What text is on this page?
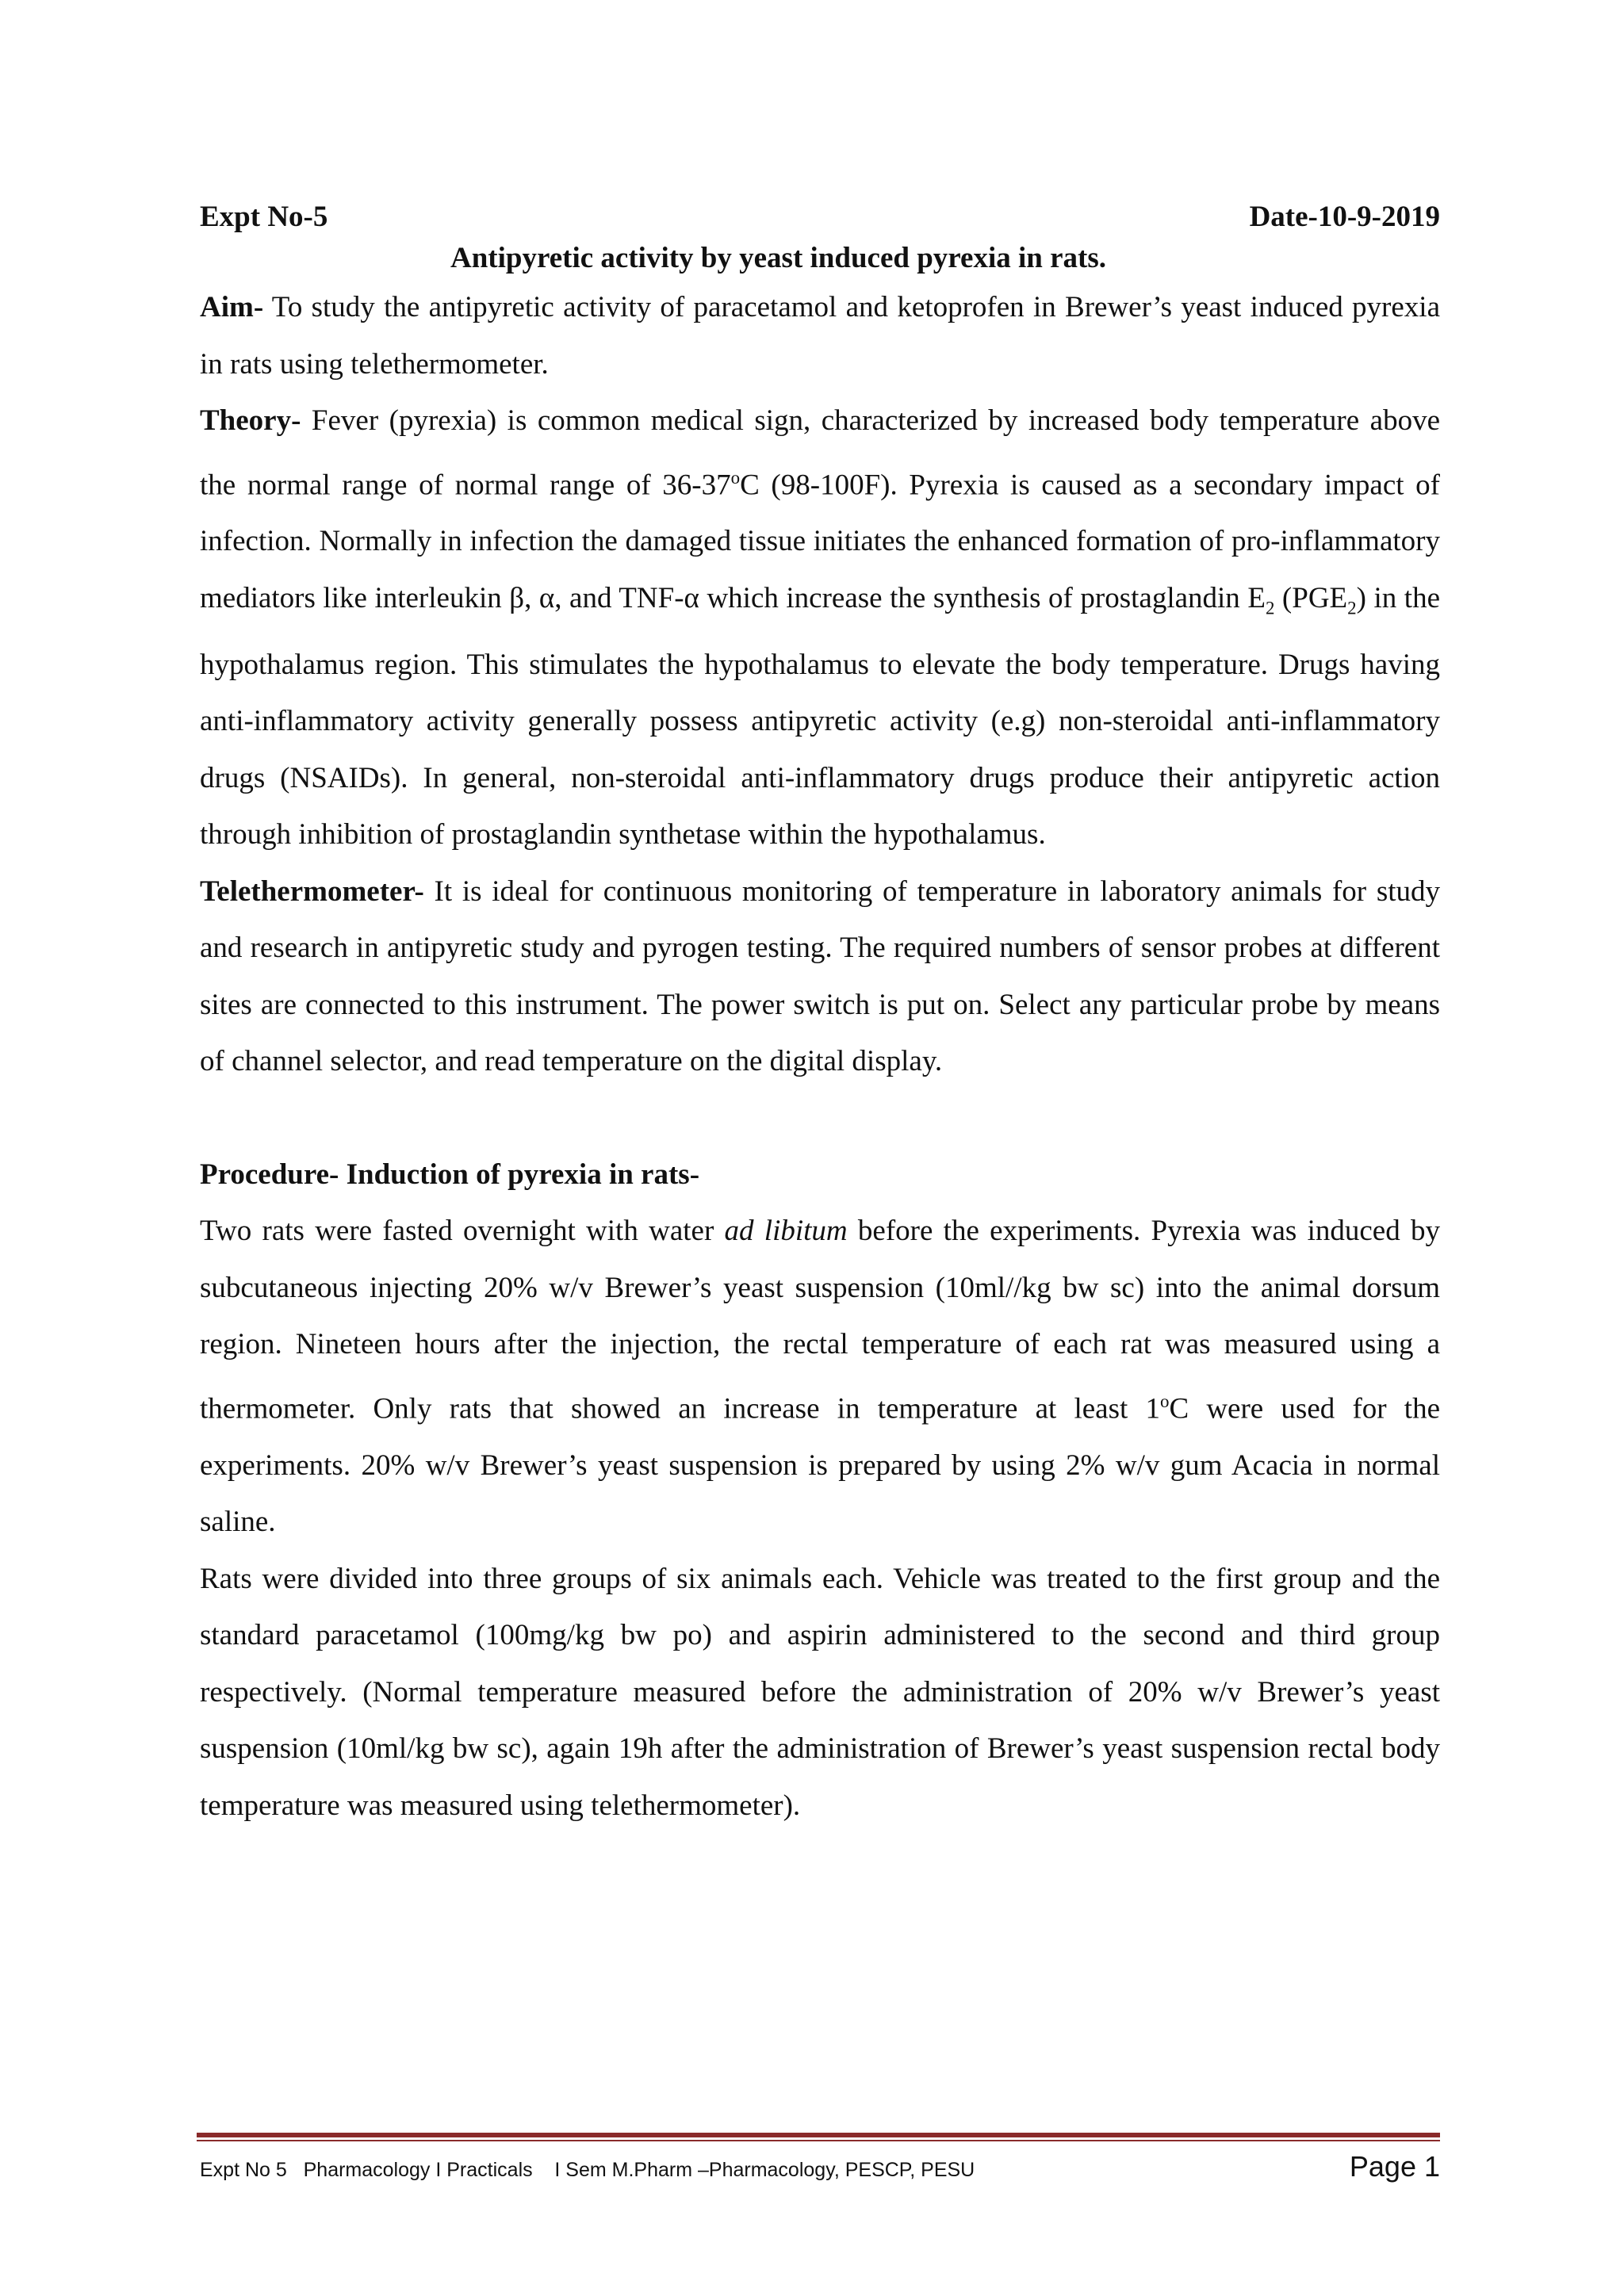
Expt No-5	Date-10-9-2019
Antipyretic activity by yeast induced pyrexia in rats.

Aim- To study the antipyretic activity of paracetamol and ketoprofen in Brewer’s yeast induced pyrexia in rats using telethermometer.

Theory- Fever (pyrexia) is common medical sign, characterized by increased body temperature above the normal range of normal range of 36-37$^o$C (98-100F). Pyrexia is caused as a secondary impact of infection. Normally in infection the damaged tissue initiates the enhanced formation of pro-inflammatory mediators like interleukin β, α, and TNF-α which increase the synthesis of prostaglandin $E_2$ $(PGE_2)$ in the hypothalamus region. This stimulates the hypothalamus to elevate the body temperature. Drugs having anti-inflammatory activity generally possess antipyretic activity (e.g) non-steroidal anti-inflammatory drugs (NSAIDs). In general, non-steroidal anti-inflammatory drugs produce their antipyretic action through inhibition of prostaglandin synthetase within the hypothalamus.

Telethermometer- It is ideal for continuous monitoring of temperature in laboratory animals for study and research in antipyretic study and pyrogen testing. The required numbers of sensor probes at different sites are connected to this instrument. The power switch is put on. Select any particular probe by means of channel selector, and read temperature on the digital display.

Procedure- Induction of pyrexia in rats-

Two rats were fasted overnight with water ad libitum before the experiments. Pyrexia was induced by subcutaneous injecting 20% w/v Brewer’s yeast suspension (10ml//kg bw sc) into the animal dorsum region. Nineteen hours after the injection, the rectal temperature of each rat was measured using a thermometer. Only rats that showed an increase in temperature at least 1$^o$C were used for the experiments. 20% w/v Brewer’s yeast suspension is prepared by using 2% w/v gum Acacia in normal saline.

Rats were divided into three groups of six animals each. Vehicle was treated to the first group and the standard paracetamol (100mg/kg bw po) and aspirin administered to the second and third group respectively. (Normal temperature measured before the administration of 20% w/v Brewer’s yeast suspension (10ml/kg bw sc), again 19h after the administration of Brewer’s yeast suspension rectal body temperature was measured using telethermometer).

Expt No 5   Pharmacology I Practicals    I Sem M.Pharm –Pharmacology, PESCP, PESU	Page 1
